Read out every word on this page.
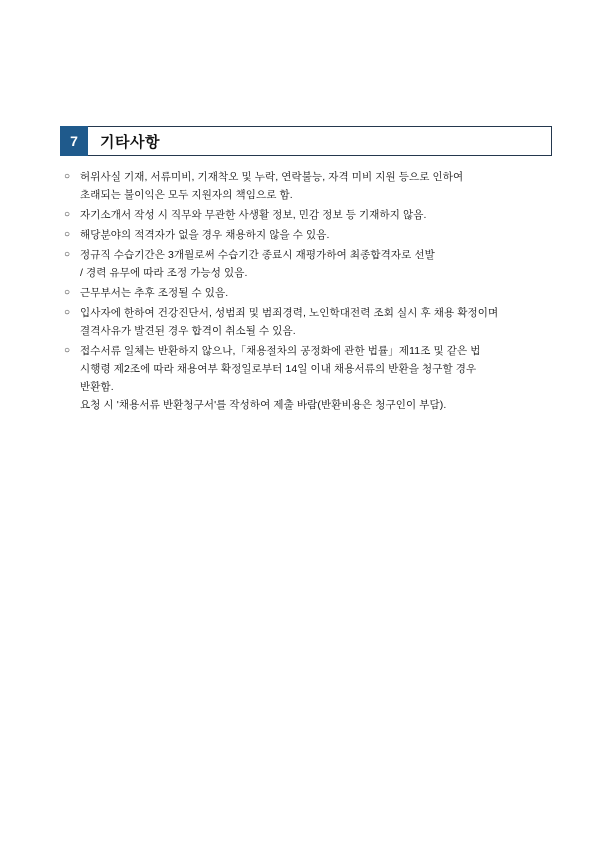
7 기타사항
○ 허위사실 기재, 서류미비, 기재착오 및 누락, 연락불능, 자격 미비 지원 등으로 인하여
초래되는 불이익은 모두 지원자의 책임으로 함.
○ 자기소개서 작성 시 직무와 무관한 사생활 정보, 민감 정보 등 기재하지 않음.
○ 해당분야의 적격자가 없을 경우 채용하지 않을 수 있음.
○ 정규직 수습기간은 3개월로써 수습기간 종료시 재평가하여 최종합격자로 선발
/ 경력 유무에 따라 조정 가능성 있음.
○ 근무부서는 추후 조정될 수 있음.
○ 입사자에 한하여 건강진단서, 성범죄 및 범죄경력, 노인학대전력 조회 실시 후 채용 확정이며
결격사유가 발견된 경우 합격이 취소될 수 있음.
○ 접수서류 일체는 반환하지 않으나,「채용절차의 공정화에 관한 법률」제11조 및 같은 법
시행령 제2조에 따라 채용여부 확정일로부터 14일 이내 채용서류의 반환을 청구할 경우
반환함.
요청 시 '채용서류 반환청구서'를 작성하여 제출 바람(반환비용은 청구인이 부담).
